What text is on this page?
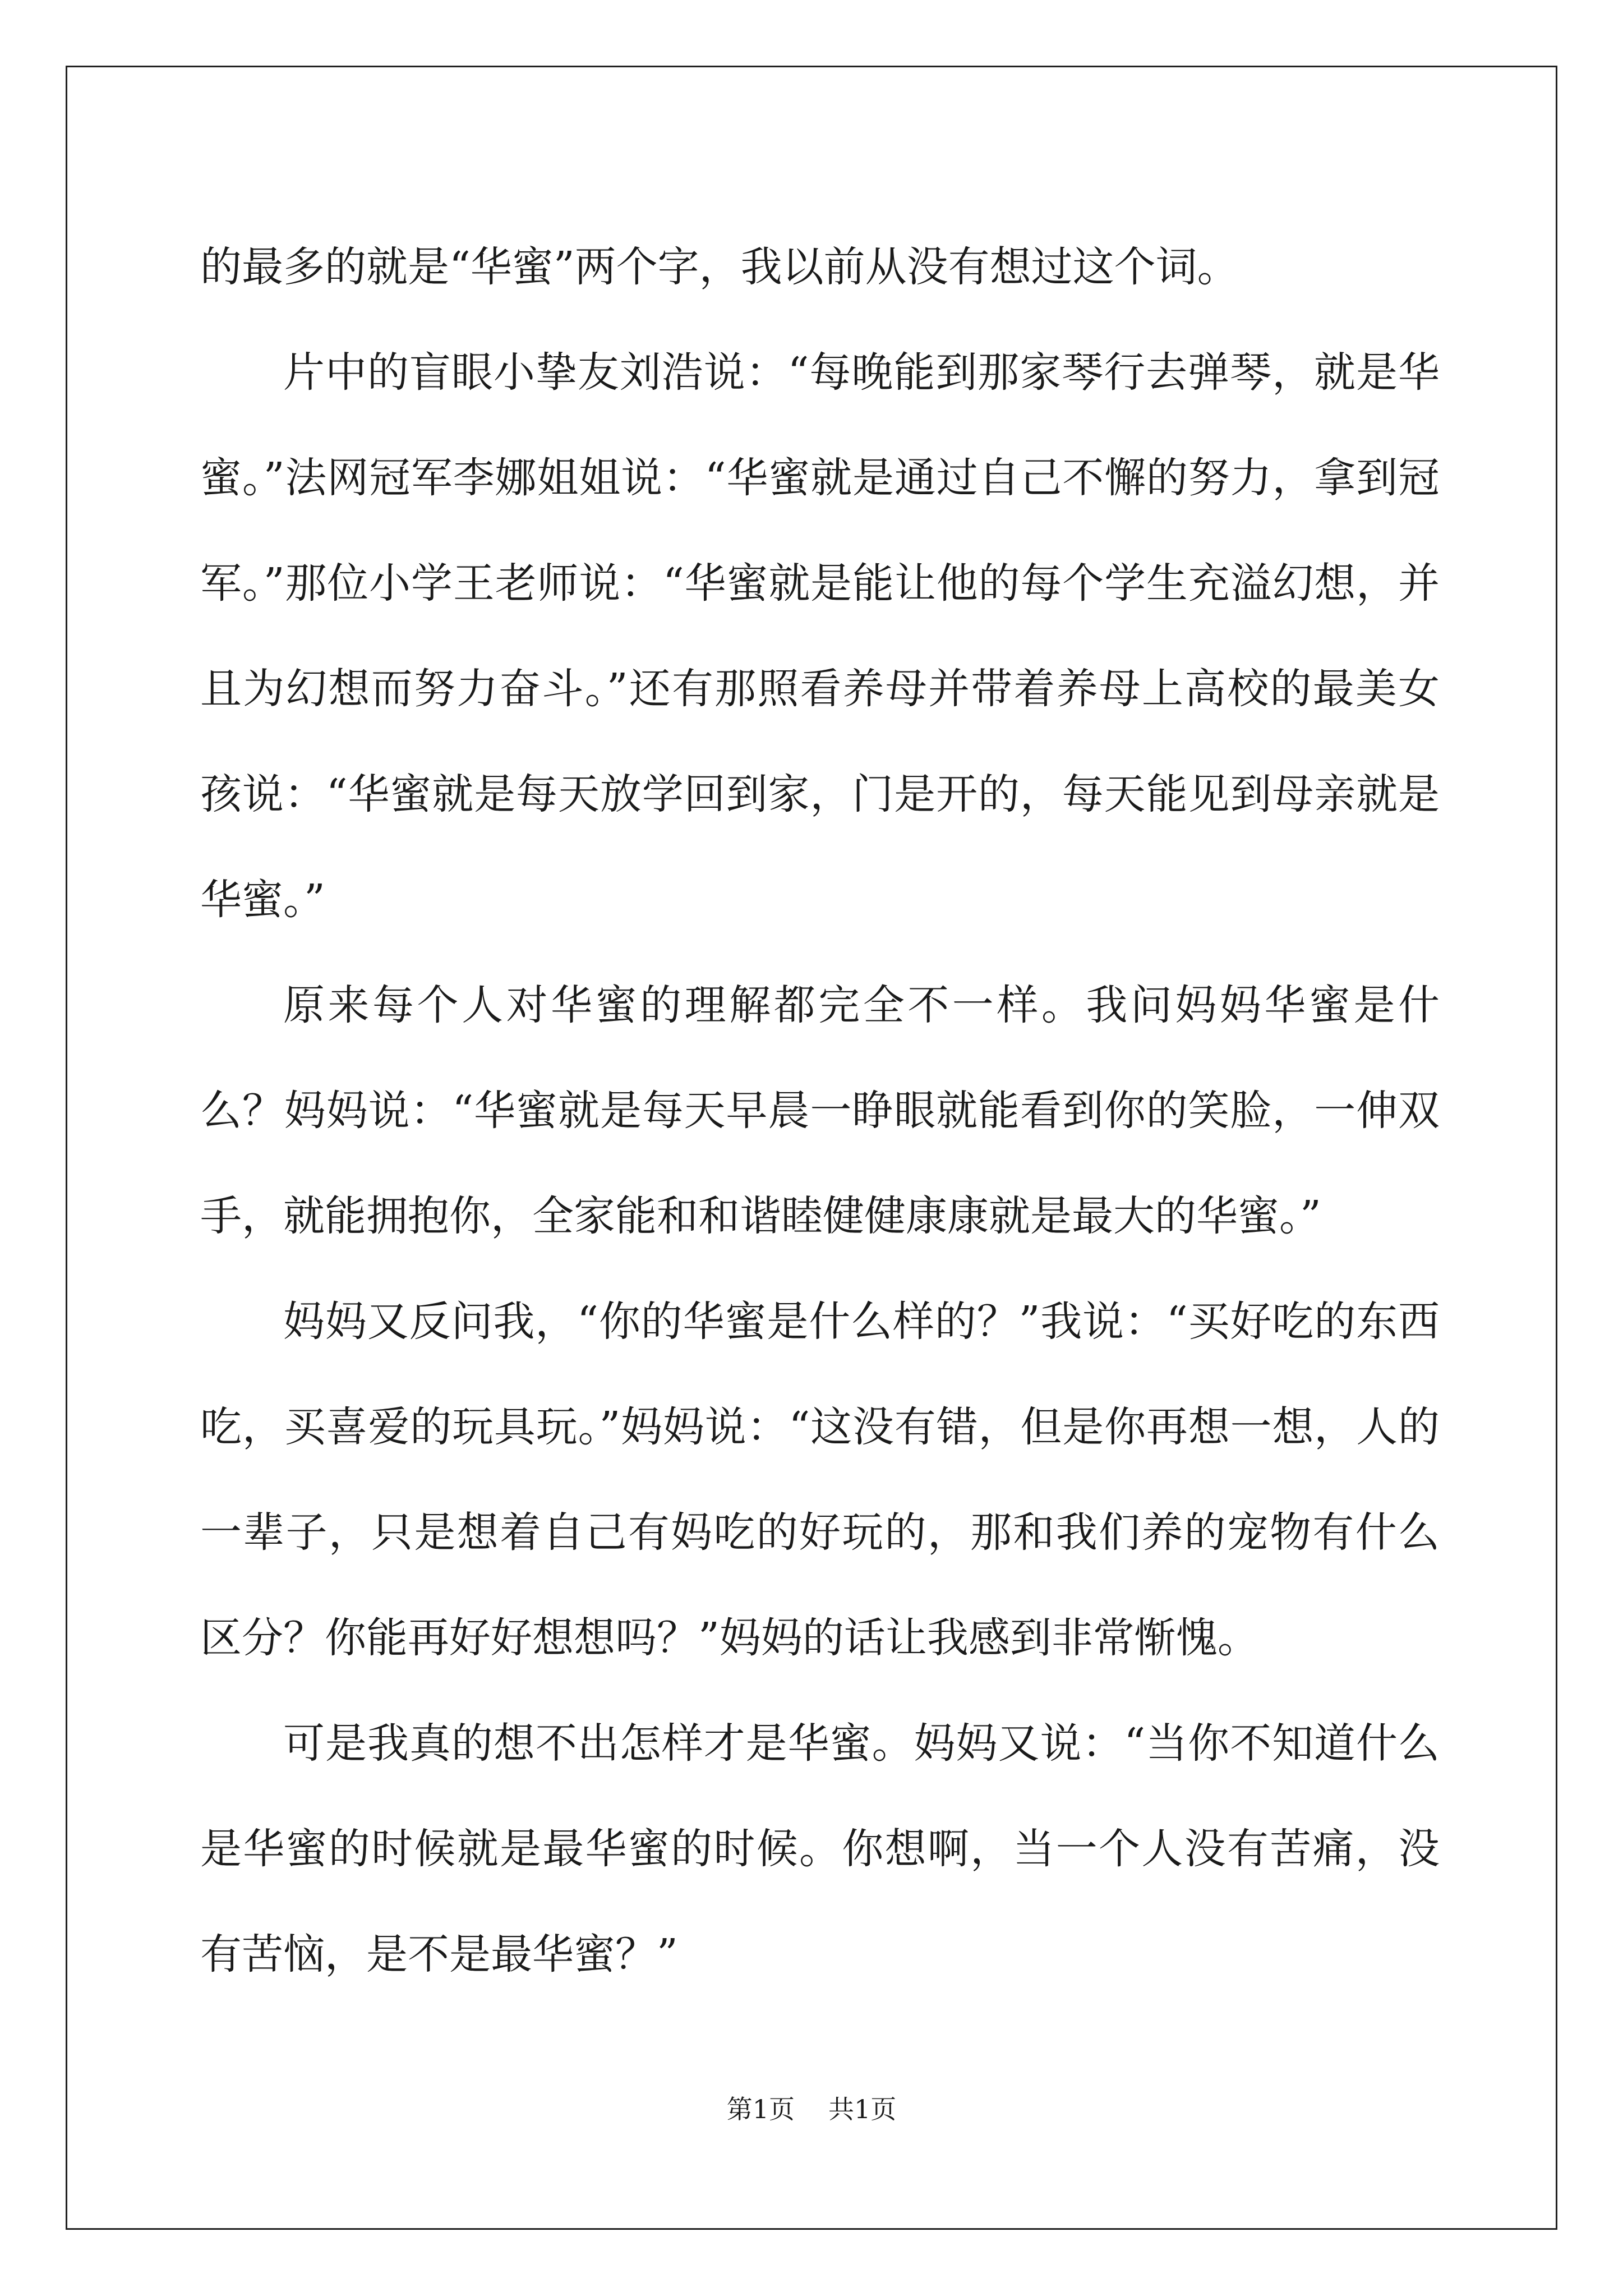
的最多的就是“华蜜”两个字，我以前从没有想过这个词。

片中的盲眼小挚友刘浩说：“每晚能到那家琴行去弹琴，就是华蜜。”法网冠军李娜姐姐说：“华蜜就是通过自己不懈的努力，拿到冠军。”那位小学王老师说：“华蜜就是能让他的每个学生充溢幻想，并且为幻想而努力奋斗。”还有那照看养母并带着养母上高校的最美女孩说：“华蜜就是每天放学回到家，门是开的，每天能见到母亲就是华蜜。”

原来每个人对华蜜的理解都完全不一样。我问妈妈华蜜是什么？妈妈说：“华蜜就是每天早晨一睁眼就能看到你的笑脸，一伸双手，就能拥抱你，全家能和和谐睦健健康康就是最大的华蜜。”

妈妈又反问我，“你的华蜜是什么样的？”我说：“买好吃的东西吃，买喜爱的玩具玩。”妈妈说：“这没有错，但是你再想一想，人的一辈子，只是想着自己有妈吃的好玩的，那和我们养的宠物有什么区分？你能再好好想想吗？”妈妈的话让我感到非常惭愧。

可是我真的想不出怎样才是华蜜。妈妈又说：“当你不知道什么是华蜜的时候就是最华蜜的时候。你想啊，当一个人没有苦痛，没有苦恼，是不是最华蜜？”

第1页 共1页
